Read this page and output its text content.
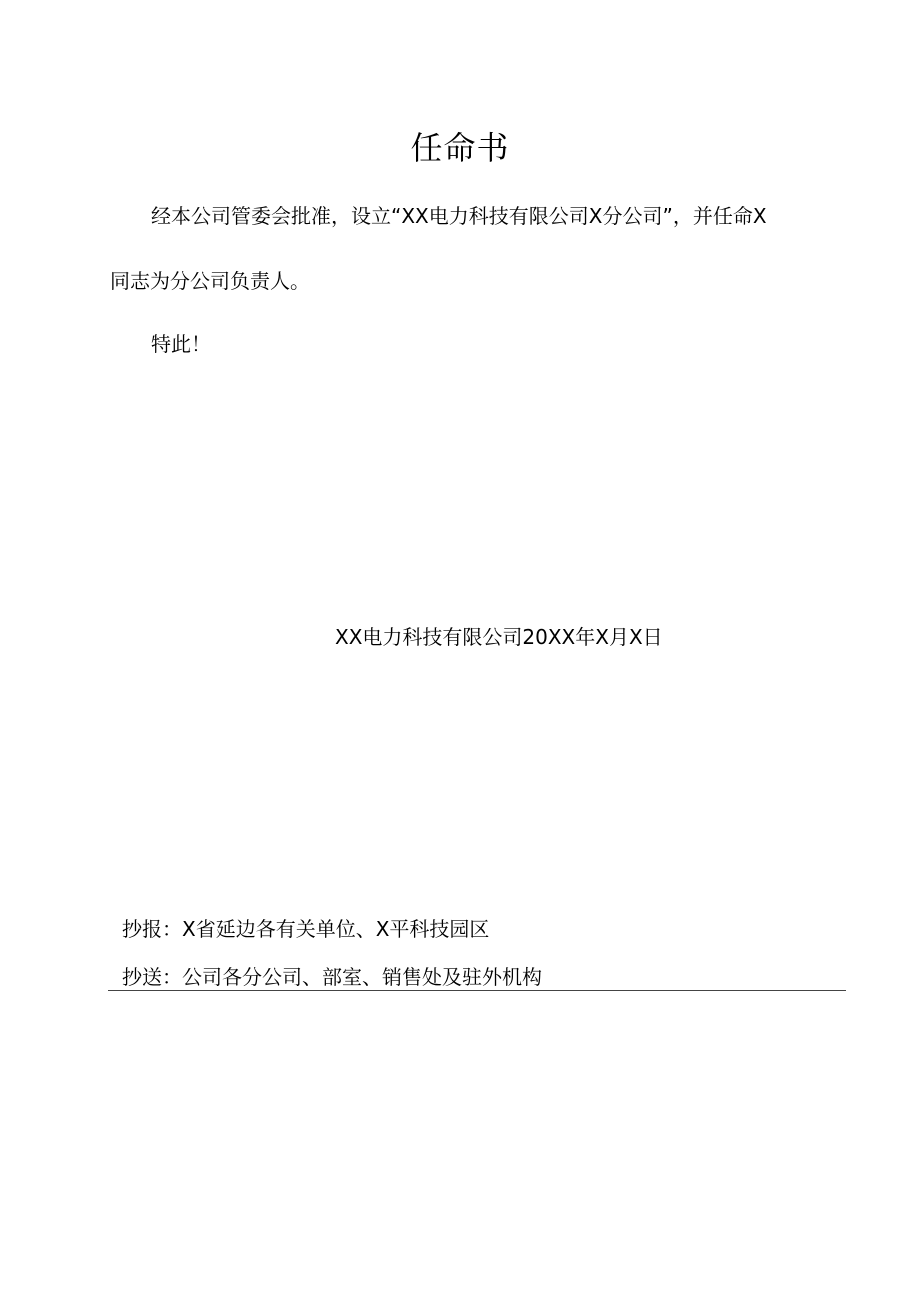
任命书
经本公司管委会批准，设立“XX电力科技有限公司X分公司”，并任命X
同志为分公司负责人。
特此！
XX电力科技有限公司20XX年X月X日
抄报：X省延边各有关单位、X平科技园区
抄送：公司各分公司、部室、销售处及驻外机构
